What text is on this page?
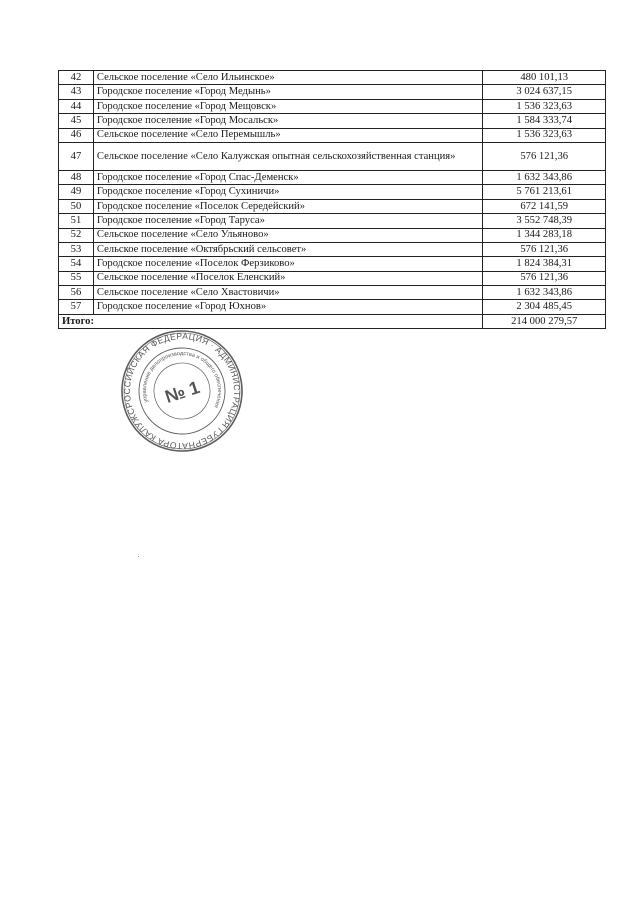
42	Сельское поселение «Село Ильинское»	480 101,13
43	Городское поселение «Город Медынь»	3 024 637,15
44	Городское поселение «Город Мещовск»	1 536 323,63
45	Городское поселение «Город Мосальск»	1 584 333,74
46	Сельское поселение «Село Перемышль»	1 536 323,63
47	Сельское поселение «Село Калужская опытная сельскохозяйственная станция»	576 121,36
48	Городское поселение «Город Спас-Деменск»	1 632 343,86
49	Городское поселение «Город Сухиничи»	5 761 213,61
50	Городское поселение «Поселок Середейский»	672 141,59
51	Городское поселение «Город Таруса»	3 552 748,39
52	Сельское поселение «Село Ульяново»	1 344 283,18
53	Сельское поселение «Октябрьский сельсовет»	576 121,36
54	Городское поселение «Поселок Ферзиково»	1 824 384,31
55	Сельское поселение «Поселок Еленский»	576 121,36
56	Сельское поселение «Село Хвастовичи»	1 632 343,86
57	Городское поселение «Город Юхнов»	2 304 485,45
Итого:		214 000 279,57
РОССИЙСКАЯ ФЕДЕРАЦИЯ · АДМИНИСТРАЦИЯ ГУБЕРНАТОРА КАЛУЖСКОЙ
управление делопроизводства и общего обеспечения
№ 1
